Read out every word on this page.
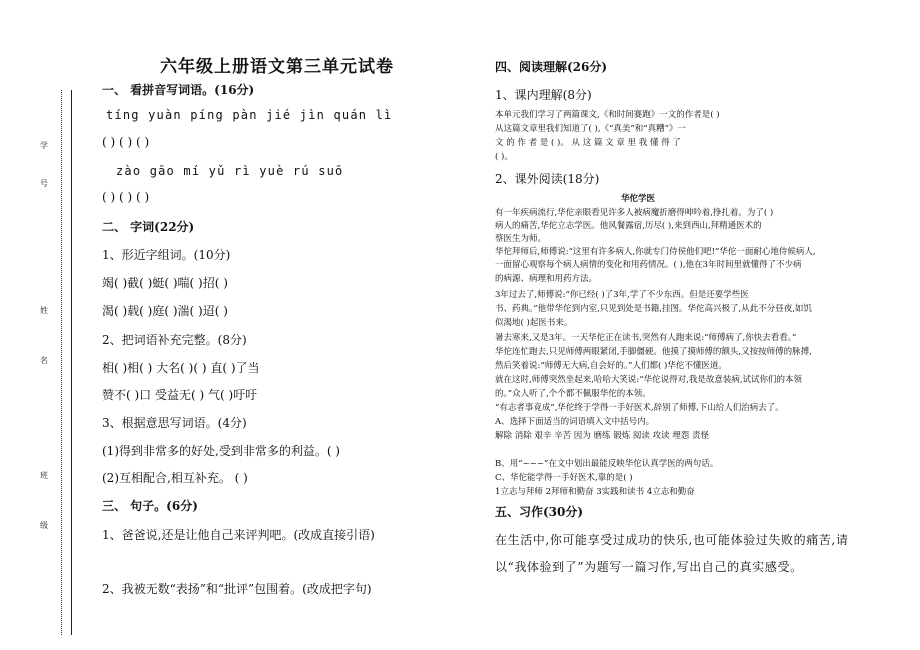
学
号
姓
名
班
级
六年级上册语文第三单元试卷
一、 看拼音写词语。(16分)
tíng yuàn píng pàn jié jìn quán lì
( ) ( ) ( )
zào gāo mí yǔ rì yuè rú suō
( ) ( ) ( )
二、 字词(22分)
1、形近字组词。(10分)
竭( )截( )蜓( )喘( )招( )
渴( )载( )庭( )湍( )迢( )
2、把词语补充完整。(8分)
相( )相( ) 大名( )( ) 直( )了当
赞不( )口 受益无( ) 气( )吁吁
3、根据意思写词语。(4分)
(1)得到非常多的好处,受到非常多的利益。( )
(2)互相配合,相互补充。 ( )
三、 句子。(6分)
1、爸爸说,还是让他自己来评判吧。(改成直接引语)
2、我被无数“表扬”和“批评”包围着。(改成把字句)
四、阅读理解(26分)
1、课内理解(8分)
本单元我们学习了两篇课文,《和时间赛跑》一文的作者是( )
从这篇文章里我们知道了( ),《“真美”和“真糟”》一
文 的 作 者 是 ( )。 从 这 篇 文 章 里 我 懂 得 了
( )。
2、课外阅读(18分)
华佗学医
有一年疾病流行,华佗亲眼看见许多人被病魔折磨得呻吟着,挣扎着。为了( )
病人的痛苦,华佗立志学医。他风餐露宿,历尽( ),来到西山,拜精通医术的
蔡医生为师。
华佗拜师后,师傅说:“这里有许多病人,你就专门侍侯他们吧!”华佗一面耐心地侍候病人,
一面留心观察每个病人病情的变化和用药情况。( ),他在3年时间里就懂得了不少病
的病源、病理和用药方法。
3年过去了,师傅说:“你已经( )了3年,学了不少东西。但是还要学些医
书、药典。”他带华佗到内室,只见到处是书籍,挂图。华佗高兴极了,从此不分昼夜,如饥
似渴地( )起医书来。
暑去寒来,又是3年。一天华佗正在读书,突然有人跑来说:“师傅病了,你快去看看。”
华佗连忙跑去,只见师傅两眼紧闭,手脚僵硬。他摸了摸师傅的额头,又按按师傅的脉搏,
然后笑着说:“师傅无大病,自会好的。”人们都( )华佗不懂医道。
就在这时,师傅突然坐起来,哈哈大笑说:“华佗说得对,我是故意装病,试试你们的本领
的。”众人听了,个个都不佩服华佗的本领。
“有志者事竟成”,华佗终于学得一手好医术,辞别了师傅,下山给人们治病去了。
A、选择下面适当的词语填入文中括号内。
解除 消除 艰辛 辛苦 因为 磨练 锻炼 阅读 攻读 埋怨 责怪
B、用“~~~”在文中划出最能反映华佗认真学医的两句话。
C、华佗能学得一手好医术,靠的是( )
1立志与拜师 2拜师和勤奋 3实践和读书 4立志和勤奋
五、习作(30分)
在生活中,你可能享受过成功的快乐,也可能体验过失败的痛苦,请
以“我体验到了”为题写一篇习作,写出自己的真实感受。
